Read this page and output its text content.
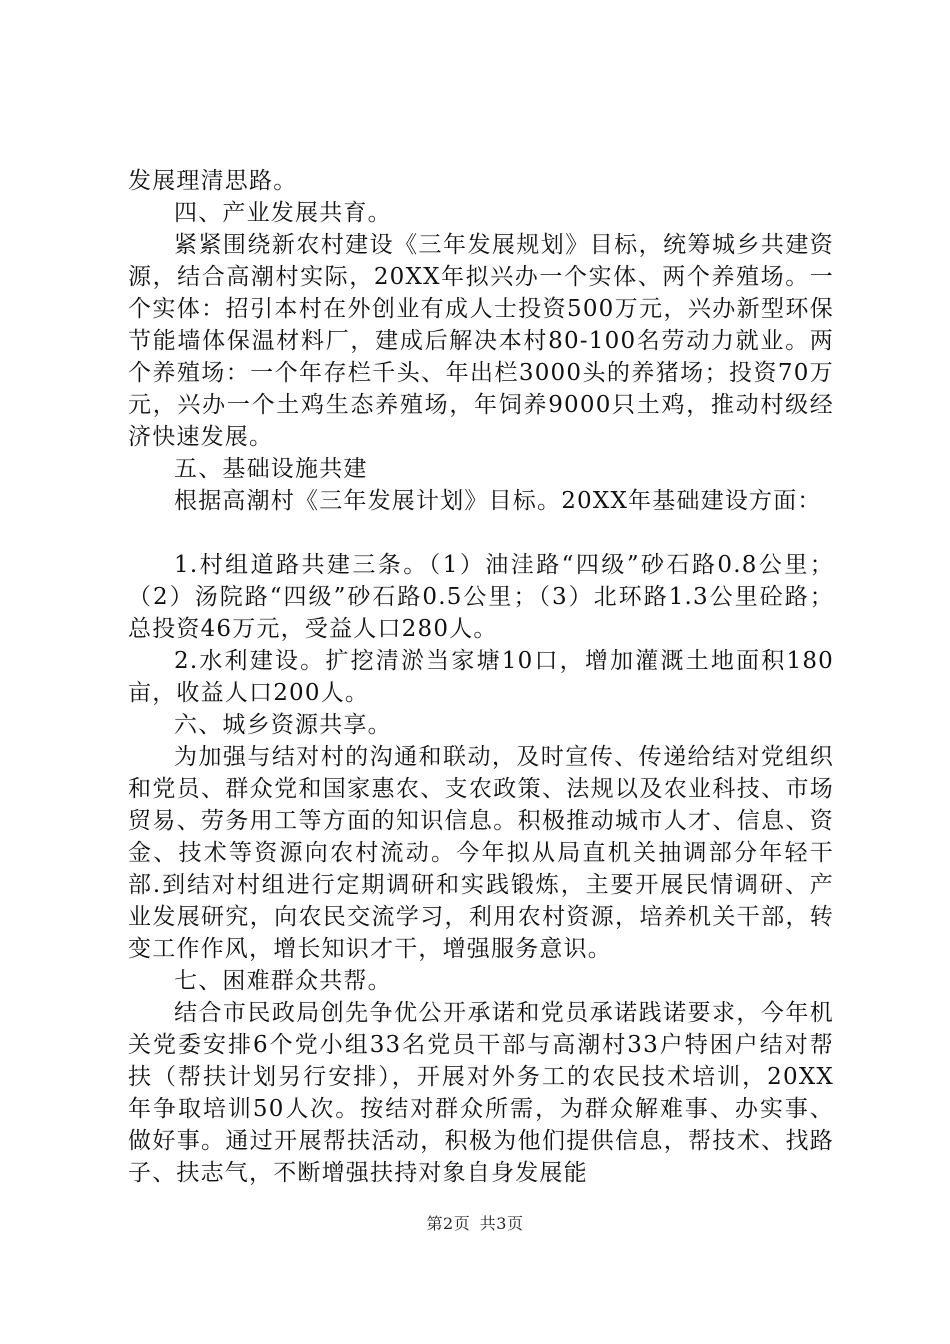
发展理清思路。

四、产业发展共育。

紧紧围绕新农村建设《三年发展规划》目标，统筹城乡共建资源，结合高潮村实际，20XX年拟兴办一个实体、两个养殖场。一个实体：招引本村在外创业有成人士投资500万元，兴办新型环保节能墙体保温材料厂，建成后解决本村80-100名劳动力就业。两个养殖场：一个年存栏千头、年出栏3000头的养猪场；投资70万元，兴办一个土鸡生态养殖场，年饲养9000只土鸡，推动村级经济快速发展。

五、基础设施共建

根据高潮村《三年发展计划》目标。20XX年基础建设方面：

1.村组道路共建三条。（1）油洼路“四级”砂石路0.8公里；（2）汤院路“四级”砂石路0.5公里；（3）北环路1.3公里砼路；总投资46万元，受益人口280人。

2.水利建设。扩挖清淤当家塘10口，增加灌溉土地面积180亩，收益人口200人。

六、城乡资源共享。

为加强与结对村的沟通和联动，及时宣传、传递给结对党组织和党员、群众党和国家惠农、支农政策、法规以及农业科技、市场贸易、劳务用工等方面的知识信息。积极推动城市人才、信息、资金、技术等资源向农村流动。今年拟从局直机关抽调部分年轻干部.到结对村组进行定期调研和实践锻炼，主要开展民情调研、产业发展研究，向农民交流学习，利用农村资源，培养机关干部，转变工作作风，增长知识才干，增强服务意识。

七、困难群众共帮。

结合市民政局创先争优公开承诺和党员承诺践诺要求，今年机关党委安排6个党小组33名党员干部与高潮村33户特困户结对帮扶（帮扶计划另行安排），开展对外务工的农民技术培训，20XX年争取培训50人次。按结对群众所需，为群众解难事、办实事、做好事。通过开展帮扶活动，积极为他们提供信息，帮技术、找路子、扶志气，不断增强扶持对象自身发展能

第2页 共3页
